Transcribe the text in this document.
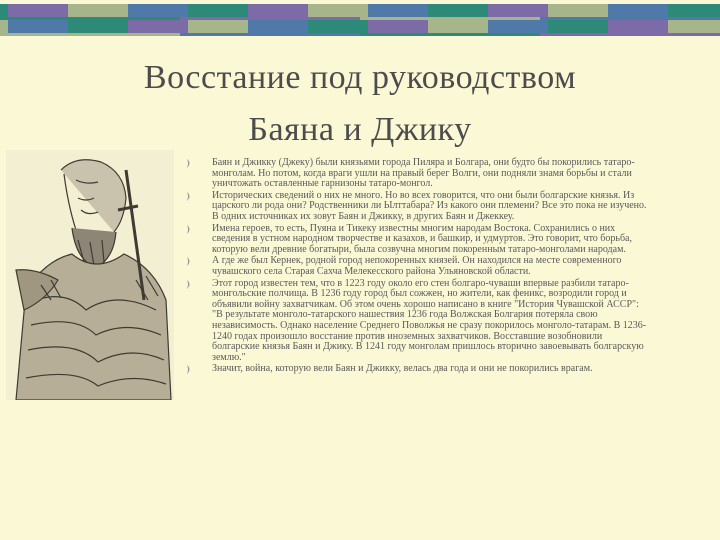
Восстание под руководством
Баяна и Джику
Баян и Джикку (Джеку) были князьями города Пиляра и Болгара, они будто бы покорились татаро-монголам. Но потом, когда враги ушли на правый берег Волги, они подняли знамя борьбы и стали уничтожать оставленные гарнизоны татаро-монгол.
Исторических сведений о них не много. Но во всех говорится, что они были болгарские князья. Из царского ли рода они? Родственники ли Ылттабара? Из какого они племени? Все это пока не изучено. В одних источниках их зовут Баян и Джикку, в других Баян и Джеккеу.
Имена героев, то есть, Пуяна и Тикеку известны многим народам Востока. Сохранились о них сведения в устном народном творчестве и казахов, и башкир, и удмуртов. Это говорит, что борьба, которую вели древние богатыри, была созвучна многим покоренным татаро-монголами народам.
А где же был Кернек, родной город непокоренных князей. Он находился на месте современного чувашского села Старая Сахча Мелекесского района Ульяновской области.
Этот город известен тем, что в 1223 году около его стен болгаро-чуваши впервые разбили татаро-монгольские полчища. В 1236 году город был сожжен, но жители, как феникс, возродили город и объявили войну захватчикам. Об этом очень хорошо написано в книге "История Чувашской АССР": "В результате монголо-татарского нашествия 1236 года Волжская Болгария потеряла свою независимость. Однако население Среднего Поволжья не сразу покорилось монголо-татарам. В 1236-1240 годах произошло восстание против иноземных захватчиков. Восставшие возобновили болгарские князья Баян и Джику. В 1241 году монголам пришлось вторично завоевывать болгарскую землю."
Значит, война, которую вели Баян и Джикку, велась два года и они не покорились врагам.
